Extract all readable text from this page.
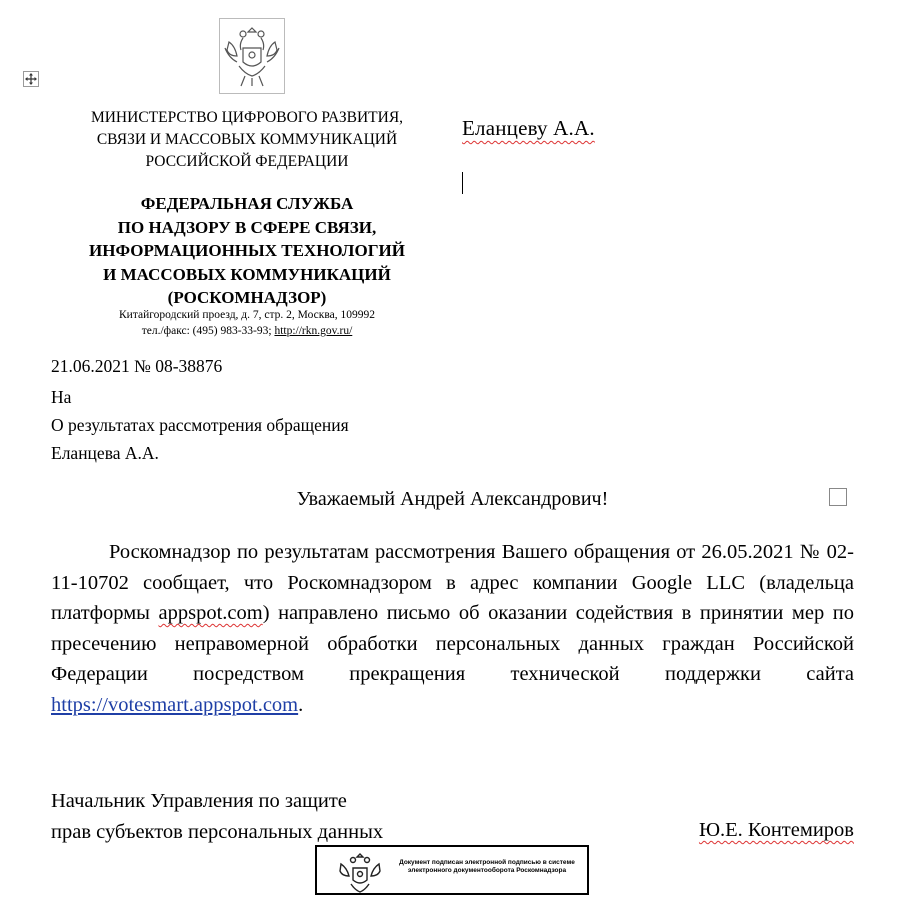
МИНИСТЕРСТВО ЦИФРОВОГО РАЗВИТИЯ,
СВЯЗИ И МАССОВЫХ КОММУНИКАЦИЙ
РОССИЙСКОЙ ФЕДЕРАЦИИ
ФЕДЕРАЛЬНАЯ СЛУЖБА
ПО НАДЗОРУ В СФЕРЕ СВЯЗИ,
ИНФОРМАЦИОННЫХ ТЕХНОЛОГИЙ
И МАССОВЫХ КОММУНИКАЦИЙ
(РОСКОМНАДЗОР)
Китайгородский проезд, д. 7, стр. 2, Москва, 109992
тел./факс: (495) 983-33-93; http://rkn.gov.ru/
Еланцеву А.А.
21.06.2021 № 08-38876
На
О результатах рассмотрения обращения
Еланцева А.А.
Уважаемый Андрей Александрович!
Роскомнадзор по результатам рассмотрения Вашего обращения от 26.05.2021 № 02-11-10702 сообщает, что Роскомнадзором в адрес компании Google LLC (владельца платформы appspot.com) направлено письмо об оказании содействия в принятии мер по пресечению неправомерной обработки персональных данных граждан Российской Федерации посредством прекращения технической поддержки сайта https://votesmart.appspot.com.
Начальник Управления по защите
прав субъектов персональных данных	Ю.Е. Контемиров
Документ подписан электронной подписью в системе электронного документооборота Роскомнадзора
